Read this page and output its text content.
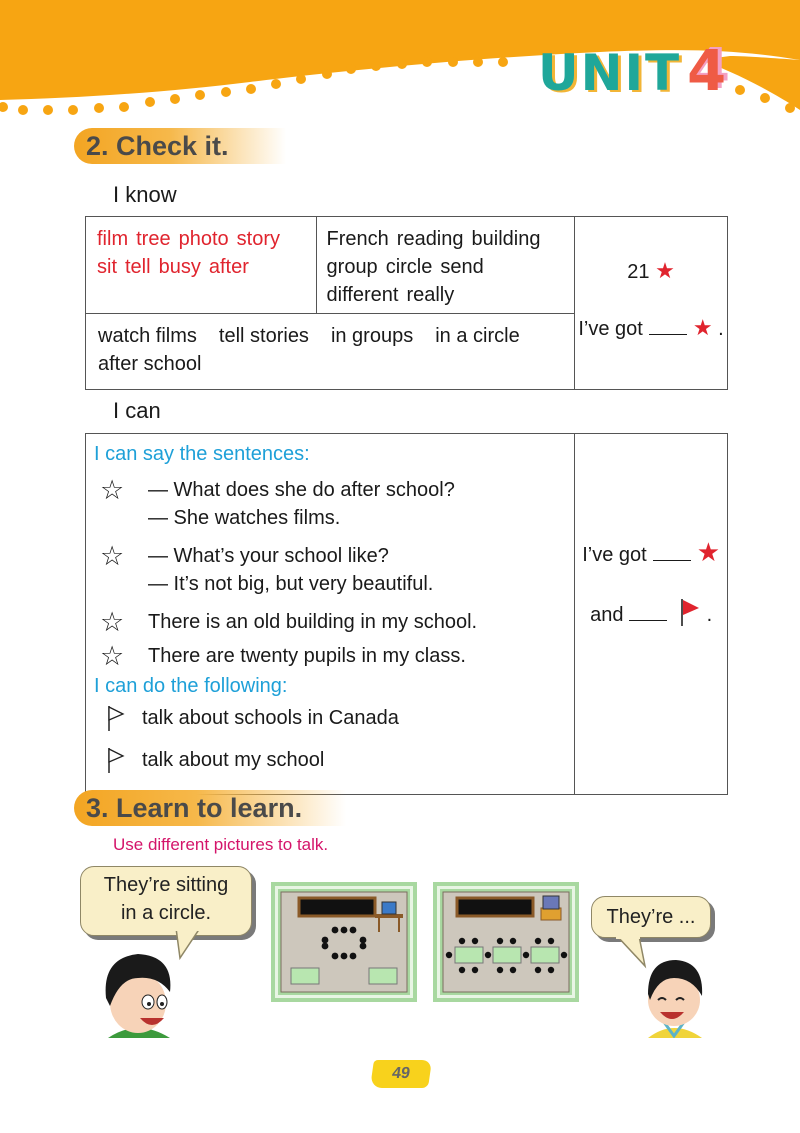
UNIT 4
2. Check it.
I know
film tree photo story
sit tell busy after	French reading building
group circle send
different really	
21 ★
I’ve got ★ .

watch films tell stories in groups in a circle
after school
I can
I can say the sentences:
☆	— What does she do after school?
— She watches films.
☆	— What’s your school like?
— It’s not big, but very beautiful.
☆	There is an old building in my school.
☆	There are twenty pupils in my class.
I can do the following:
talk about schools in Canada
talk about my school

I’ve got ★
and	.
3. Learn to learn.
Use different pictures to talk.
They’re sitting in a circle.	They’re ...
49
